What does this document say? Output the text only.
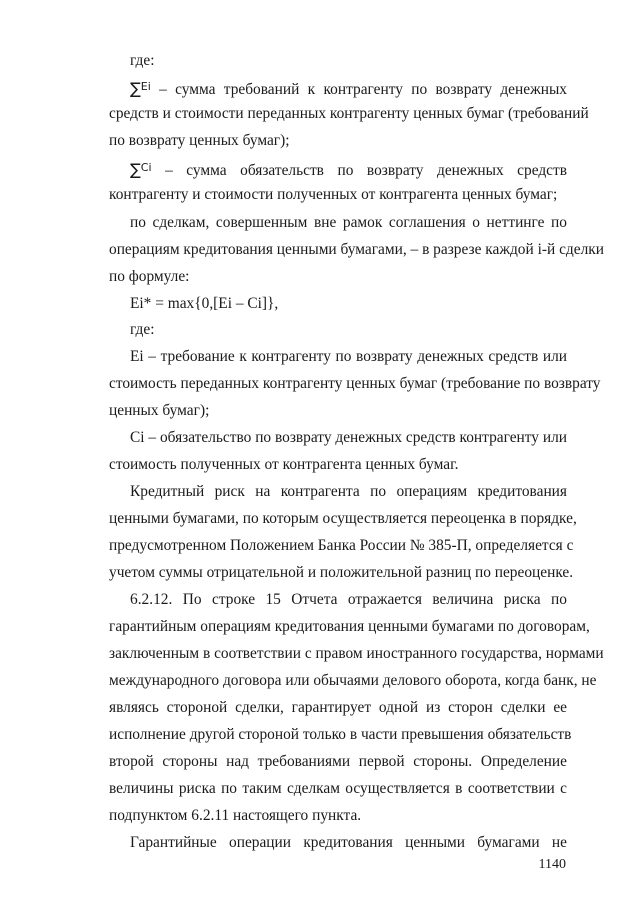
где:

∑$^{Ei}$ – сумма требований к контрагенту по возврату денежных

средств и стоимости переданных контрагенту ценных бумаг (требований

по возврату ценных бумаг);

∑$^{Ci}$ – сумма обязательств по возврату денежных средств

контрагенту и стоимости полученных от контрагента ценных бумаг;

по сделкам, совершенным вне рамок соглашения о неттинге по

операциям кредитования ценными бумагами, – в разрезе каждой i-й сделки

по формуле:

Ei* = max{0,[Ei – Ci]},

где:

Ei – требование к контрагенту по возврату денежных средств или

стоимость переданных контрагенту ценных бумаг (требование по возврату

ценных бумаг);

Ci – обязательство по возврату денежных средств контрагенту или

стоимость полученных от контрагента ценных бумаг.

Кредитный риск на контрагента по операциям кредитования

ценными бумагами, по которым осуществляется переоценка в порядке,

предусмотренном Положением Банка России № 385-П, определяется с

учетом суммы отрицательной и положительной разниц по переоценке.

6.2.12. По строке 15 Отчета отражается величина риска по

гарантийным операциям кредитования ценными бумагами по договорам,

заключенным в соответствии с правом иностранного государства, нормами

международного договора или обычаями делового оборота, когда банк, не

являясь стороной сделки, гарантирует одной из сторон сделки ее

исполнение другой стороной только в части превышения обязательств

второй стороны над требованиями первой стороны. Определение

величины риска по таким сделкам осуществляется в соответствии с

подпунктом 6.2.11 настоящего пункта.

Гарантийные операции кредитования ценными бумагами не

1140
